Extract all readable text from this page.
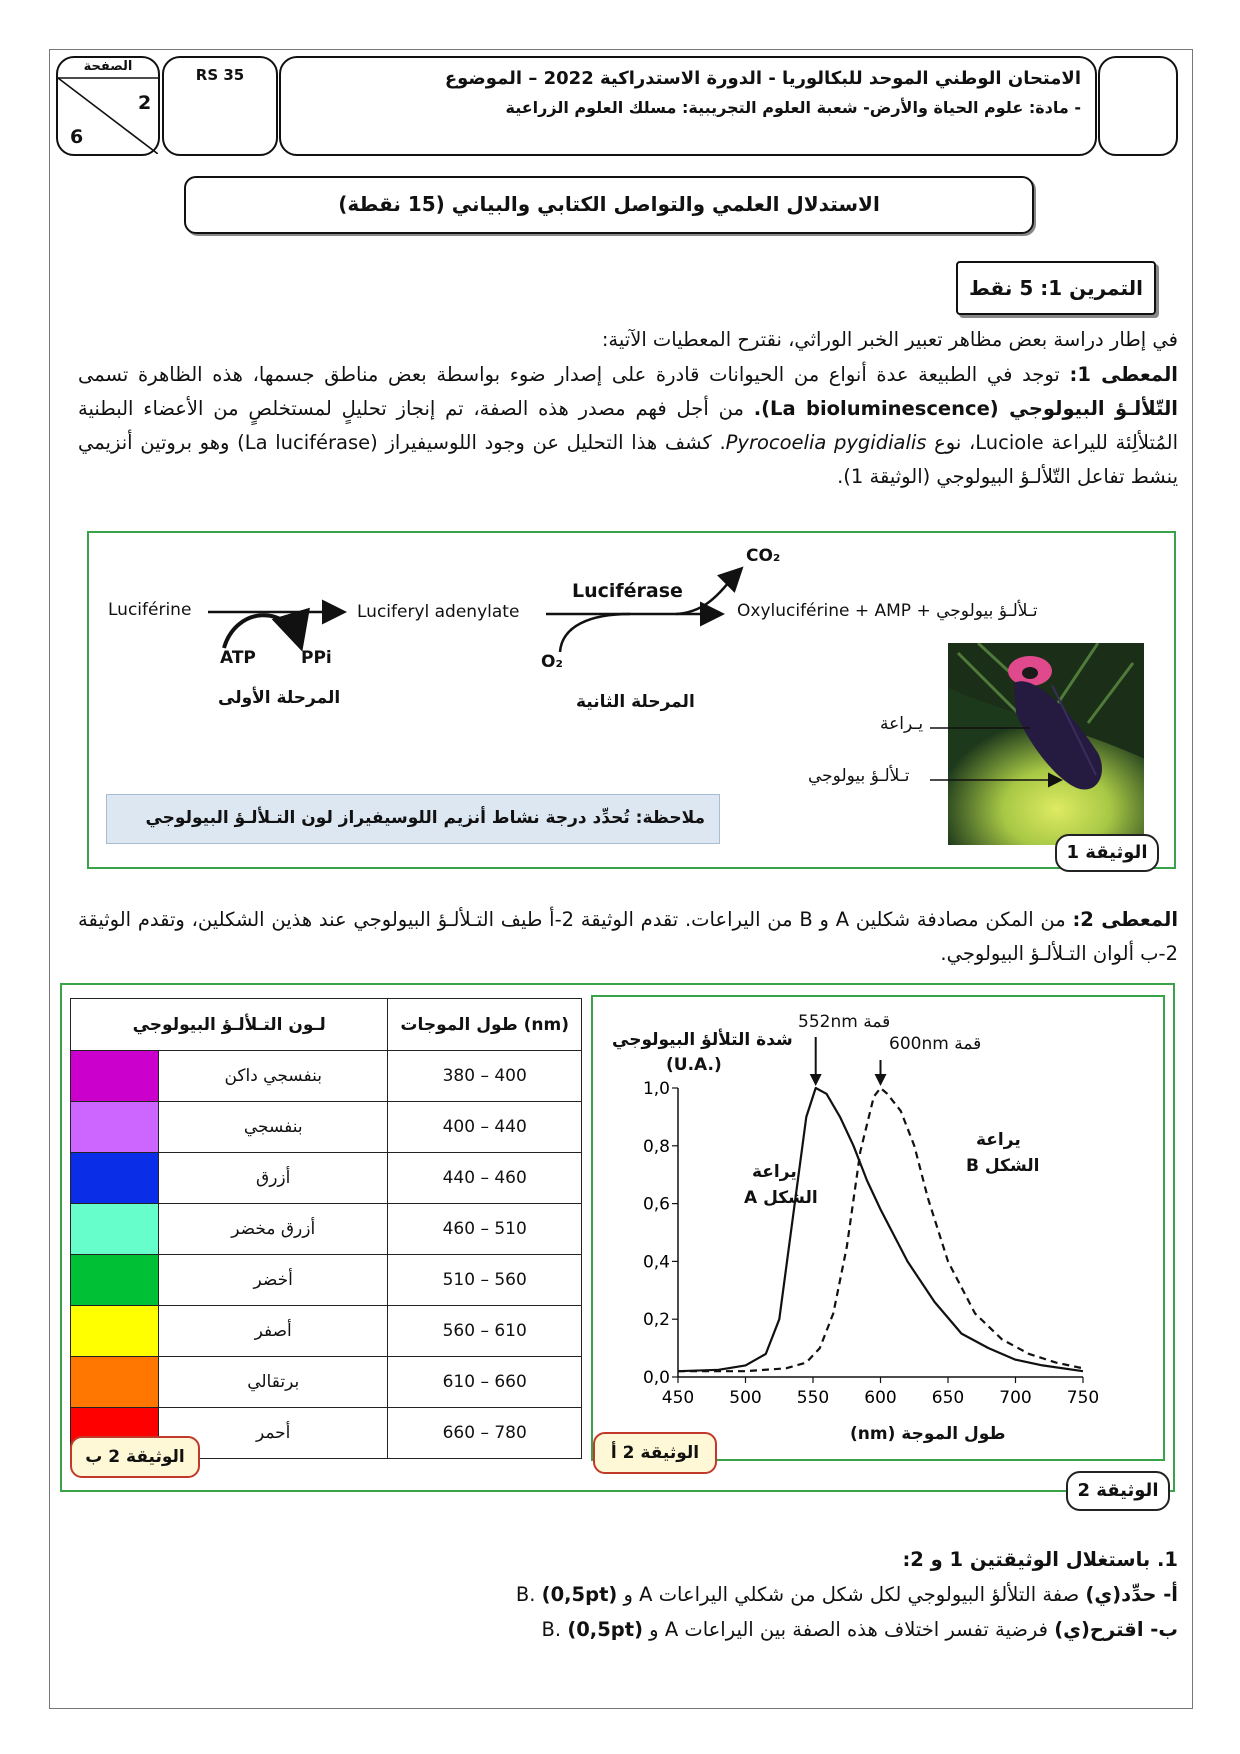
الصفحة
2
6
RS 35	الامتحان الوطني الموحد للبكالوريا - الدورة الاستدراكية 2022 – الموضوع
- مادة: علوم الحياة والأرض- شعبة العلوم التجريبية: مسلك العلوم الزراعية
الاستدلال العلمي والتواصل الكتابي والبياني (15 نقطة)
التمرين 1: 5 نقط
في إطار دراسة بعض مظاهر تعبير الخبر الوراثي، نقترح المعطيات الآتية:
المعطى 1: توجد في الطبيعة عدة أنواع من الحيوانات قادرة على إصدار ضوء بواسطة بعض مناطق جسمها، هذه الظاهرة تسمى التّلألـؤ البيولوجي (La bioluminescence). من أجل فهم مصدر هذه الصفة، تم إنجاز تحليلٍ لمستخلصٍ من الأعضاء البطنية المُتلألِئة لليراعة Luciole، نوع Pyrocoelia pygidialis. كشف هذا التحليل عن وجود اللوسيفيراز (La luciférase) وهو بروتين أنزيمي ينشط تفاعل التّلألـؤ البيولوجي (الوثيقة 1).
Luciférine
ATP	PPi
Luciferyl adenylate
Luciférase
CO₂
O₂
Oxyluciférine + AMP + تـلألـؤ بيولوجي
المرحلة الأولى	المرحلة الثانية
يـراعة
تـلألـؤ بيولوجي
ملاحظة: تُحدِّد درجة نشاط أنزيم اللوسيفيراز لون التـلألـؤ البيولوجي
الوثيقة 1
المعطى 2: من المكن مصادفة شكلين A و B من اليراعات. تقدم الوثيقة 2-أ طيف التـلألـؤ البيولوجي عند هذين الشكلين، وتقدم الوثيقة 2-ب ألوان التـلألـؤ البيولوجي.
لـون التـلألـؤ البيولوجي		طول الموجات (nm)
	بنفسجي داكن	380 – 400
	بنفسجي	400 – 440
	أزرق	440 – 460
	أزرق مخضر	460 – 510
	أخضر	510 – 560
	أصفر	560 – 610
	برتقالي	610 – 660
	أحمر	660 – 780
الوثيقة 2 ب
450 500 550 600 650 700 750
0,0
0,2
0,4
0,6
0,8
1,0
شدة التلألؤ البيولوجي
(U.A.)
طول الموجة (nm)
قمة 552nm
قمة 600nm
يراعة
الشكل A
يراعة
الشكل B
الوثيقة 2 أ
الوثيقة 2
1. باستغلال الوثيقتين 1 و 2:
أ- حدِّد(ي) صفة التلألؤ البيولوجي لكل شكل من شكلي اليراعات A و B. (0,5pt)
ب- اقترح(ي) فرضية تفسر اختلاف هذه الصفة بين اليراعات A و B. (0,5pt)
